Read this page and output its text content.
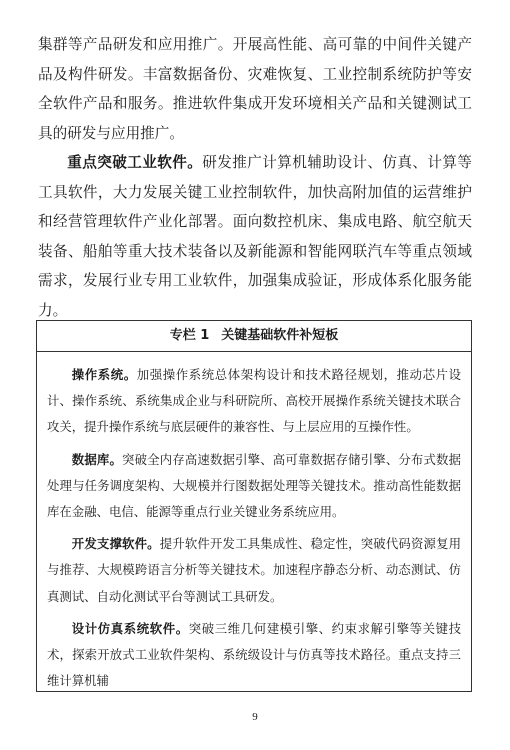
集群等产品研发和应用推广。开展高性能、高可靠的中间件关键产品及构件研发。丰富数据备份、灾难恢复、工业控制系统防护等安全软件产品和服务。推进软件集成开发环境相关产品和关键测试工具的研发与应用推广。

重点突破工业软件。研发推广计算机辅助设计、仿真、计算等工具软件，大力发展关键工业控制软件，加快高附加值的运营维护和经营管理软件产业化部署。面向数控机床、集成电路、航空航天装备、船舶等重大技术装备以及新能源和智能网联汽车等重点领域需求，发展行业专用工业软件，加强集成验证，形成体系化服务能力。

专栏 1 关键基础软件补短板

操作系统。加强操作系统总体架构设计和技术路径规划，推动芯片设计、操作系统、系统集成企业与科研院所、高校开展操作系统关键技术联合攻关，提升操作系统与底层硬件的兼容性、与上层应用的互操作性。

数据库。突破全内存高速数据引擎、高可靠数据存储引擎、分布式数据处理与任务调度架构、大规模并行图数据处理等关键技术。推动高性能数据库在金融、电信、能源等重点行业关键业务系统应用。

开发支撑软件。提升软件开发工具集成性、稳定性，突破代码资源复用与推荐、大规模跨语言分析等关键技术。加速程序静态分析、动态测试、仿真测试、自动化测试平台等测试工具研发。

设计仿真系统软件。突破三维几何建模引擎、约束求解引擎等关键技术，探索开放式工业软件架构、系统级设计与仿真等技术路径。重点支持三维计算机辅

9
